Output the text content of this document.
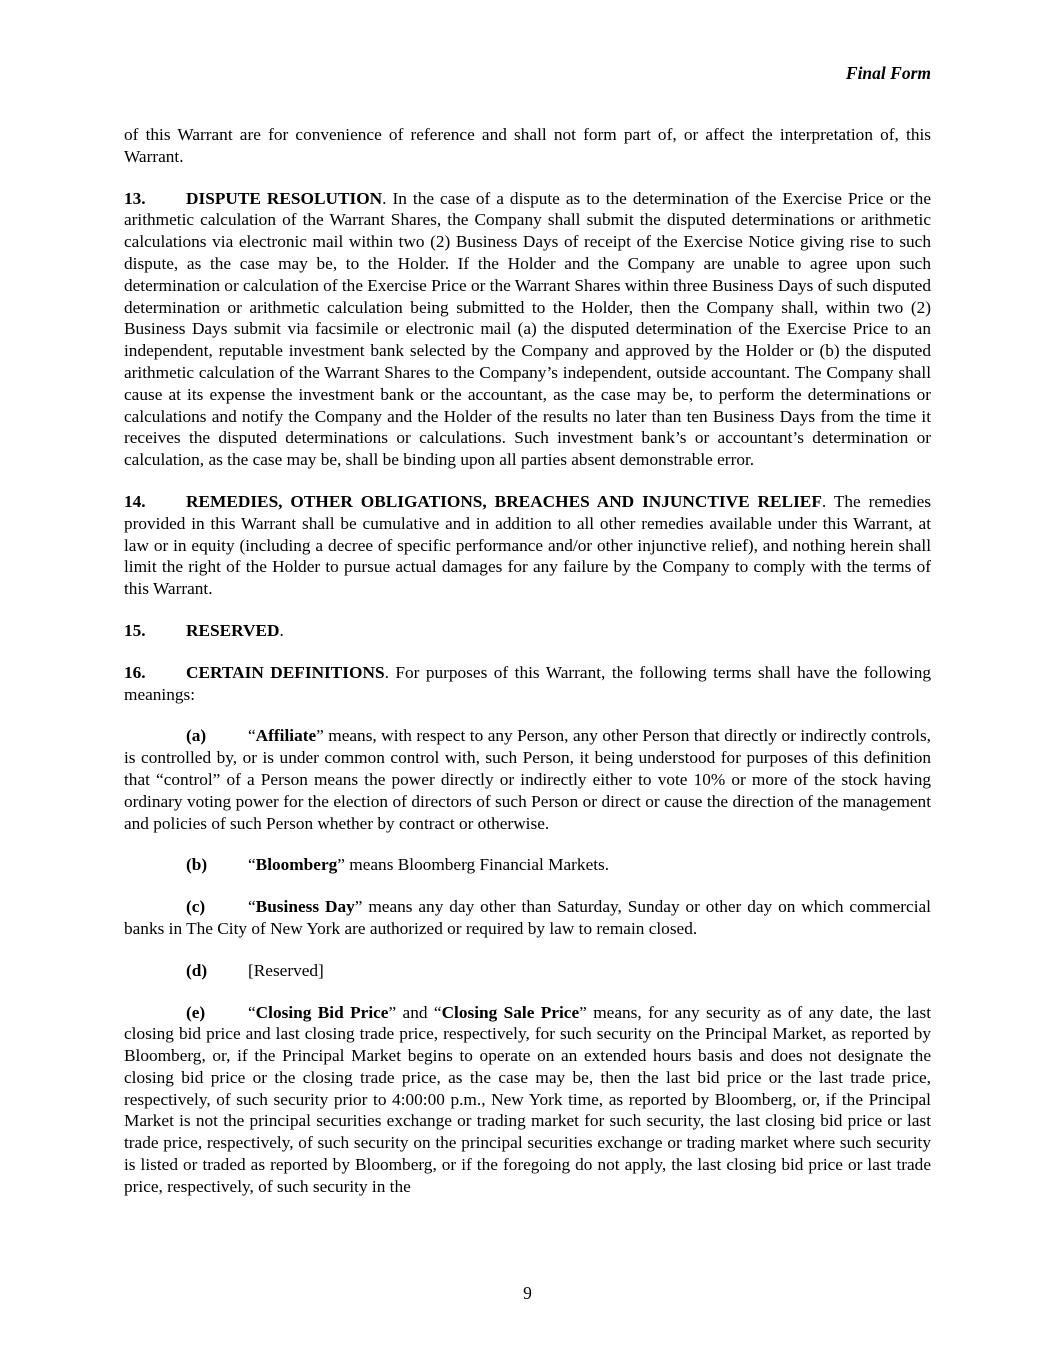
Final Form

of this Warrant are for convenience of reference and shall not form part of, or affect the interpretation of, this Warrant.

13. DISPUTE RESOLUTION. In the case of a dispute as to the determination of the Exercise Price or the arithmetic calculation of the Warrant Shares, the Company shall submit the disputed determinations or arithmetic calculations via electronic mail within two (2) Business Days of receipt of the Exercise Notice giving rise to such dispute, as the case may be, to the Holder. If the Holder and the Company are unable to agree upon such determination or calculation of the Exercise Price or the Warrant Shares within three Business Days of such disputed determination or arithmetic calculation being submitted to the Holder, then the Company shall, within two (2) Business Days submit via facsimile or electronic mail (a) the disputed determination of the Exercise Price to an independent, reputable investment bank selected by the Company and approved by the Holder or (b) the disputed arithmetic calculation of the Warrant Shares to the Company’s independent, outside accountant. The Company shall cause at its expense the investment bank or the accountant, as the case may be, to perform the determinations or calculations and notify the Company and the Holder of the results no later than ten Business Days from the time it receives the disputed determinations or calculations. Such investment bank’s or accountant’s determination or calculation, as the case may be, shall be binding upon all parties absent demonstrable error.

14. REMEDIES, OTHER OBLIGATIONS, BREACHES AND INJUNCTIVE RELIEF. The remedies provided in this Warrant shall be cumulative and in addition to all other remedies available under this Warrant, at law or in equity (including a decree of specific performance and/or other injunctive relief), and nothing herein shall limit the right of the Holder to pursue actual damages for any failure by the Company to comply with the terms of this Warrant.

15. RESERVED.

16. CERTAIN DEFINITIONS. For purposes of this Warrant, the following terms shall have the following meanings:

(a) “Affiliate” means, with respect to any Person, any other Person that directly or indirectly controls, is controlled by, or is under common control with, such Person, it being understood for purposes of this definition that “control” of a Person means the power directly or indirectly either to vote 10% or more of the stock having ordinary voting power for the election of directors of such Person or direct or cause the direction of the management and policies of such Person whether by contract or otherwise.

(b) “Bloomberg” means Bloomberg Financial Markets.

(c) “Business Day” means any day other than Saturday, Sunday or other day on which commercial banks in The City of New York are authorized or required by law to remain closed.

(d) [Reserved]

(e) “Closing Bid Price” and “Closing Sale Price” means, for any security as of any date, the last closing bid price and last closing trade price, respectively, for such security on the Principal Market, as reported by Bloomberg, or, if the Principal Market begins to operate on an extended hours basis and does not designate the closing bid price or the closing trade price, as the case may be, then the last bid price or the last trade price, respectively, of such security prior to 4:00:00 p.m., New York time, as reported by Bloomberg, or, if the Principal Market is not the principal securities exchange or trading market for such security, the last closing bid price or last trade price, respectively, of such security on the principal securities exchange or trading market where such security is listed or traded as reported by Bloomberg, or if the foregoing do not apply, the last closing bid price or last trade price, respectively, of such security in the

9
